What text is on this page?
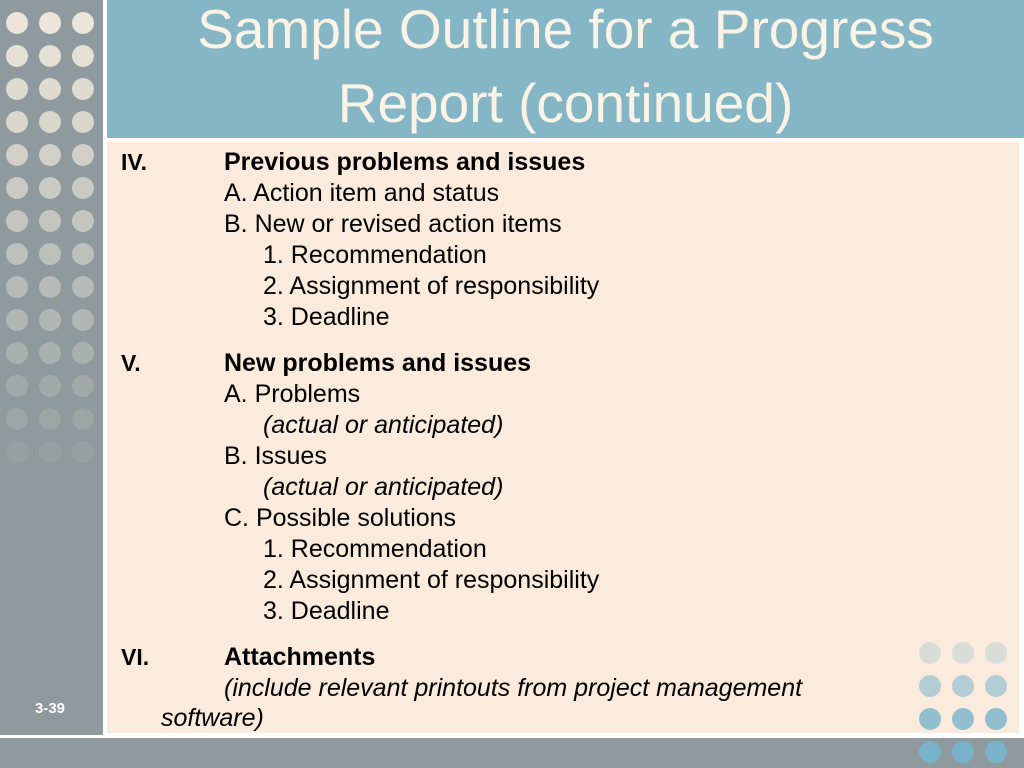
3-39
Sample Outline for a Progress
Report (continued)
IV.	Previous problems and issues
A. Action item and status
B. New or revised action items
1. Recommendation
2. Assignment of responsibility
3. Deadline
V.	New problems and issues
A. Problems
(actual or anticipated)
B. Issues
(actual or anticipated)
C. Possible solutions
1. Recommendation
2. Assignment of responsibility
3. Deadline
VI.	Attachments
(include relevant printouts from project management
software)
